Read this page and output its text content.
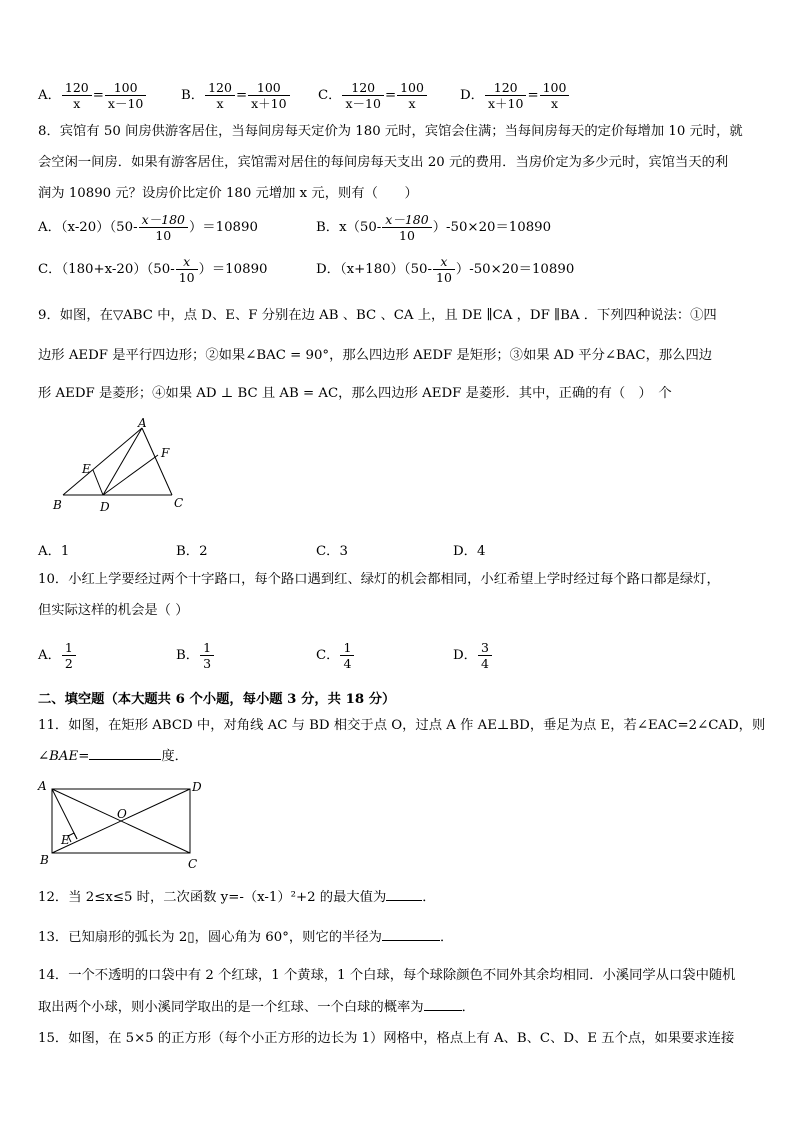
A． $\frac{120}{x} = \frac{100}{x-10}$	B． $\frac{120}{x} = \frac{100}{x+10}$ C． $\frac{120}{x-10} = \frac{100}{x}$ D． $\frac{120}{x+10} = \frac{100}{x}$
8．宾馆有 50 间房供游客居住，当每间房每天定价为 180 元时，宾馆会住满；当每间房每天的定价每增加 10 元时，就
会空闲一间房．如果有游客居住，宾馆需对居住的每间房每天支出 20 元的费用．当房价定为多少元时，宾馆当天的利
润为 10890 元？设房价比定价 180 元增加 x 元，则有（　　）
A．$(x-20)(50- \frac{x-180}{10} )=10890$	B．$x(50- \frac{x-180}{10} )-50\times 20=10890$
C．$(180+x-20)(50- \frac{x}{10} )=10890$	D．$(x+180)(50- \frac{x}{10} )-50\times 20=10890$
9．如图，在▽ABC 中，点 D、E、F 分别在边 AB 、BC 、CA 上，且 DE ∥CA ，DF ∥BA ．下列四种说法：①四
边形 AEDF 是平行四边形；②如果∠BAC = 90°，那么四边形 AEDF 是矩形；③如果 AD 平分∠BAC，那么四边
形 AEDF 是菱形；④如果 AD ⊥ BC 且 AB = AC，那么四边形 AEDF 是菱形．其中，正确的有（　）　个
A
B	C
D
E
F
A．1	B．2	C．3	D．4
10．小红上学要经过两个十字路口，每个路口遇到红、绿灯的机会都相同，小红希望上学时经过每个路口都是绿灯，
但实际这样的机会是（ ）
A． $\frac{1}{2}$	B． $\frac{1}{3}$	C． $\frac{1}{4}$	D． $\frac{3}{4}$
二、填空题（本大题共 6 个小题，每小题 3 分，共 18 分）
11．如图，在矩形 ABCD 中，对角线 AC 与 BD 相交于点 O，过点 A 作 AE⊥BD，垂足为点 E，若∠EAC=2∠CAD，则
∠BAE=	度．
A
B	C
D
E
O
12．当 2≤x≤5 时，二次函数 y=-（x-1）²+2 的最大值为	．
13．已知扇形的弧长为 2▯，圆心角为 60°，则它的半径为	．
14．一个不透明的口袋中有 2 个红球，1 个黄球，1 个白球，每个球除颜色不同外其余均相同．小溪同学从口袋中随机
取出两个小球，则小溪同学取出的是一个红球、一个白球的概率为	．
15．如图，在 5×5 的正方形（每个小正方形的边长为 1）网格中，格点上有 A、B、C、D、E 五个点，如果要求连接
